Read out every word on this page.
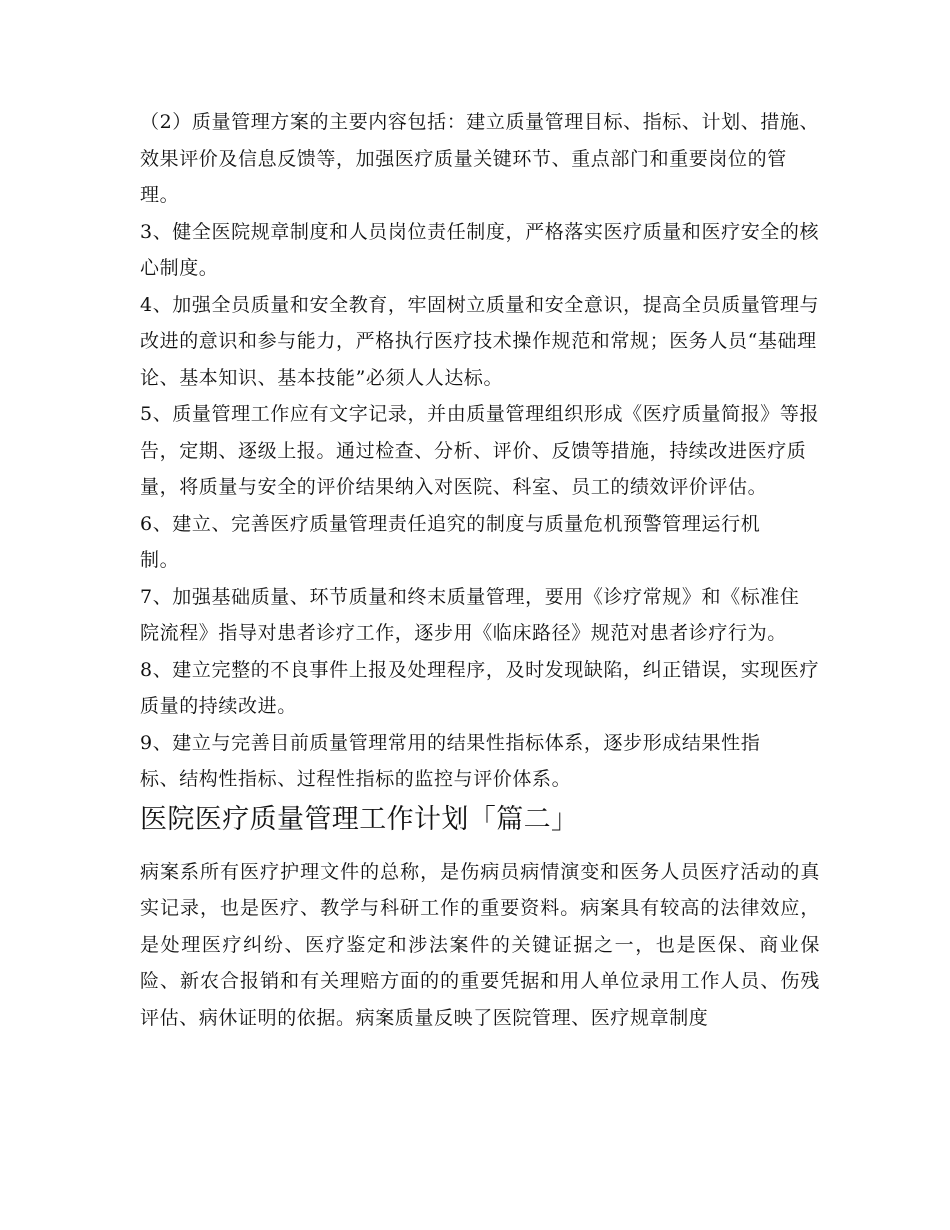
（2）质量管理方案的主要内容包括：建立质量管理目标、指标、计划、措施、效果评价及信息反馈等，加强医疗质量关键环节、重点部门和重要岗位的管理。

3、健全医院规章制度和人员岗位责任制度，严格落实医疗质量和医疗安全的核心制度。

4、加强全员质量和安全教育，牢固树立质量和安全意识，提高全员质量管理与改进的意识和参与能力，严格执行医疗技术操作规范和常规；医务人员“基础理论、基本知识、基本技能”必须人人达标。

5、质量管理工作应有文字记录，并由质量管理组织形成《医疗质量简报》等报告，定期、逐级上报。通过检查、分析、评价、反馈等措施，持续改进医疗质量，将质量与安全的评价结果纳入对医院、科室、员工的绩效评价评估。

6、建立、完善医疗质量管理责任追究的制度与质量危机预警管理运行机制。

7、加强基础质量、环节质量和终末质量管理，要用《诊疗常规》和《标准住院流程》指导对患者诊疗工作，逐步用《临床路径》规范对患者诊疗行为。

8、建立完整的不良事件上报及处理程序，及时发现缺陷，纠正错误，实现医疗质量的持续改进。

9、建立与完善目前质量管理常用的结果性指标体系，逐步形成结果性指标、结构性指标、过程性指标的监控与评价体系。

医院医疗质量管理工作计划「篇二」

病案系所有医疗护理文件的总称，是伤病员病情演变和医务人员医疗活动的真实记录，也是医疗、教学与科研工作的重要资料。病案具有较高的法律效应，是处理医疗纠纷、医疗鉴定和涉法案件的关键证据之一，也是医保、商业保险、新农合报销和有关理赔方面的的重要凭据和用人单位录用工作人员、伤残评估、病休证明的依据。病案质量反映了医院管理、医疗规章制度
